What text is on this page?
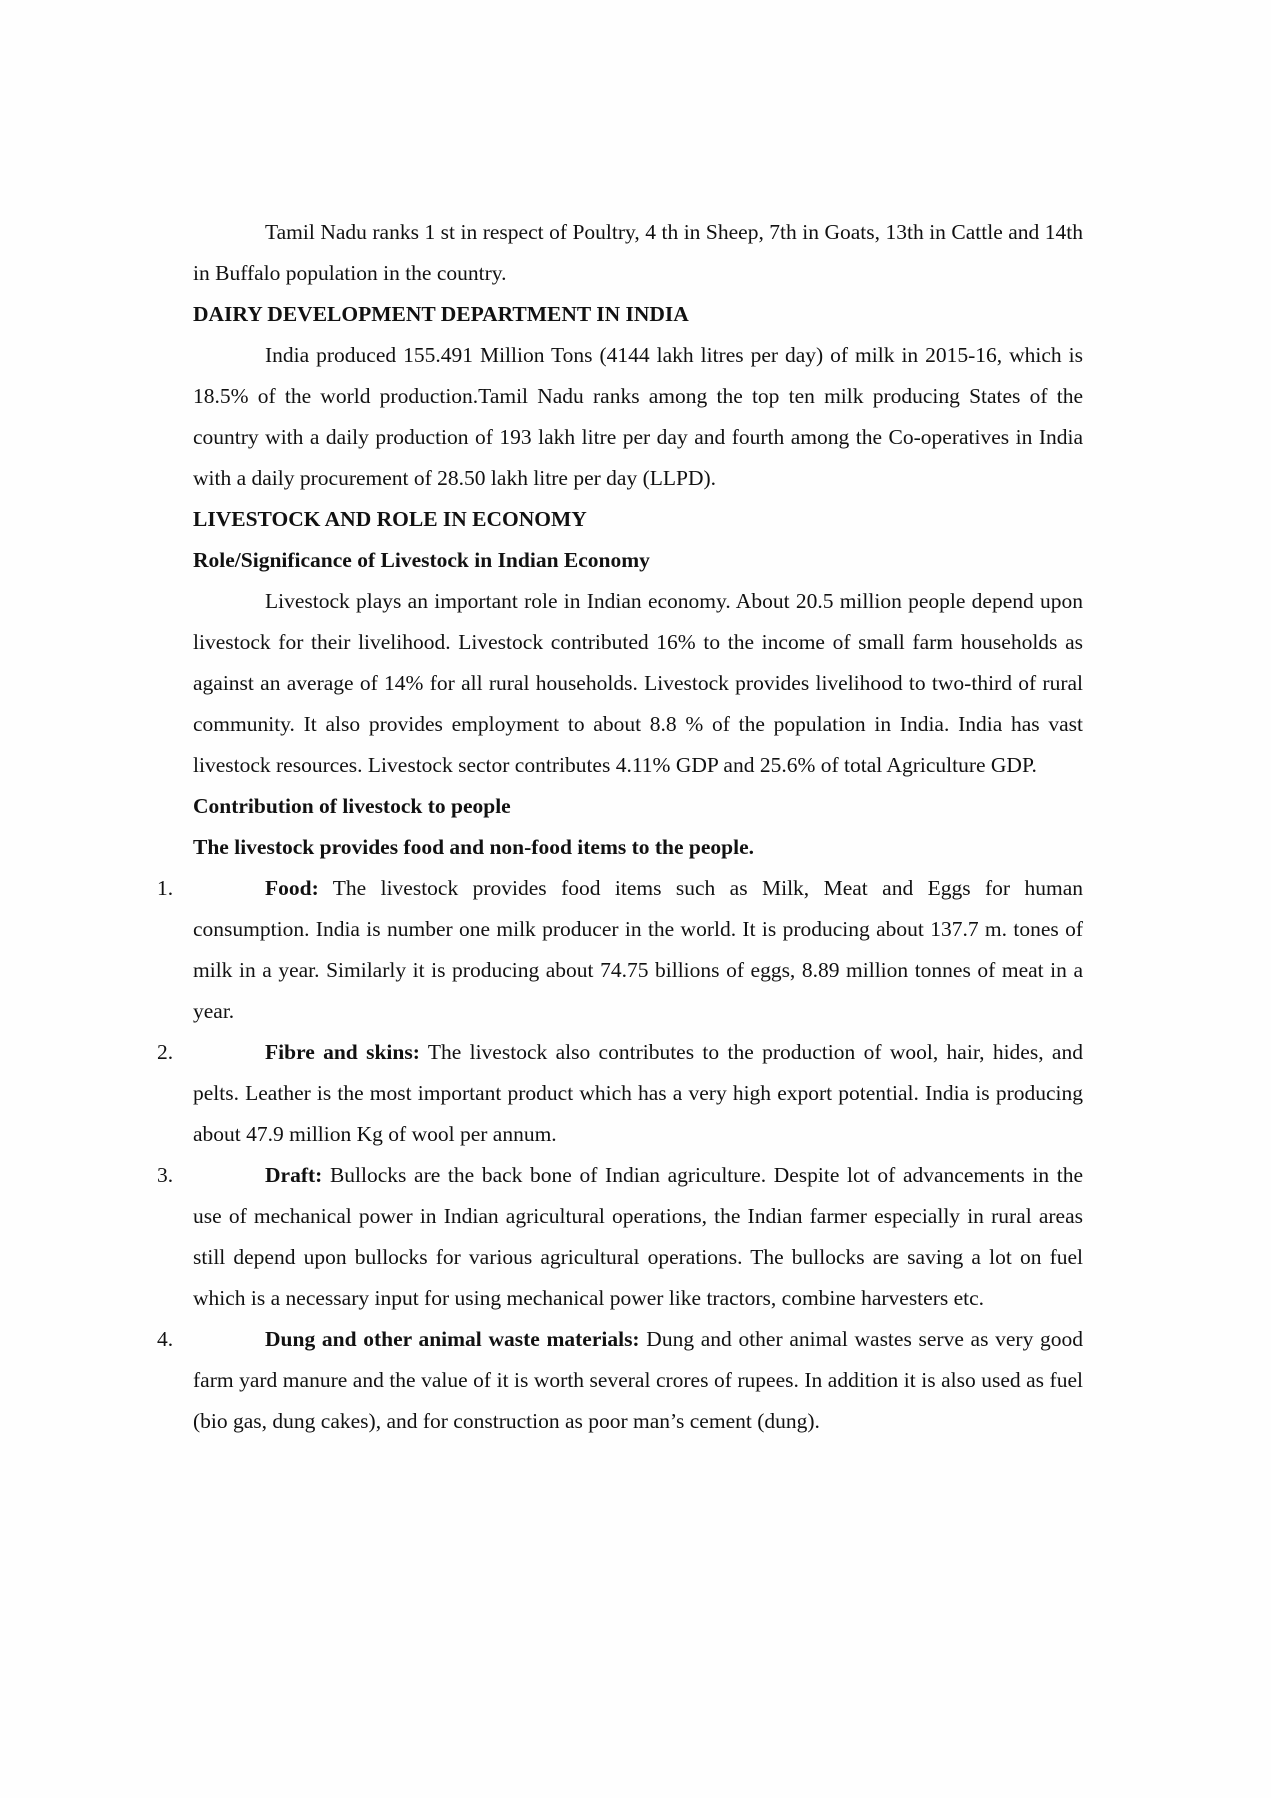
Tamil Nadu ranks 1 st in respect of Poultry, 4 th in Sheep, 7th in Goats, 13th in Cattle and 14th in Buffalo population in the country.

DAIRY DEVELOPMENT DEPARTMENT IN INDIA

India produced 155.491 Million Tons (4144 lakh litres per day) of milk in 2015-16, which is 18.5% of the world production.Tamil Nadu ranks among the top ten milk producing States of the country with a daily production of 193 lakh litre per day and fourth among the Co-operatives in India with a daily procurement of 28.50 lakh litre per day (LLPD).

LIVESTOCK AND ROLE IN ECONOMY
Role/Significance of Livestock in Indian Economy

Livestock plays an important role in Indian economy. About 20.5 million people depend upon livestock for their livelihood. Livestock contributed 16% to the income of small farm households as against an average of 14% for all rural households. Livestock provides livelihood to two-third of rural community. It also provides employment to about 8.8 % of the population in India. India has vast livestock resources. Livestock sector contributes 4.11% GDP and 25.6% of total Agriculture GDP.

Contribution of livestock to people

The livestock provides food and non-food items to the people.

1.	Food: The livestock provides food items such as Milk, Meat and Eggs for human consumption. India is number one milk producer in the world. It is producing about 137.7 m. tones of milk in a year. Similarly it is producing about 74.75 billions of eggs, 8.89 million tonnes of meat in a year.

2.	Fibre and skins: The livestock also contributes to the production of wool, hair, hides, and pelts. Leather is the most important product which has a very high export potential. India is producing about 47.9 million Kg of wool per annum.

3.	Draft: Bullocks are the back bone of Indian agriculture. Despite lot of advancements in the use of mechanical power in Indian agricultural operations, the Indian farmer especially in rural areas still depend upon bullocks for various agricultural operations. The bullocks are saving a lot on fuel which is a necessary input for using mechanical power like tractors, combine harvesters etc.

4.	Dung and other animal waste materials: Dung and other animal wastes serve as very good farm yard manure and the value of it is worth several crores of rupees. In addition it is also used as fuel (bio gas, dung cakes), and for construction as poor man’s cement (dung).
